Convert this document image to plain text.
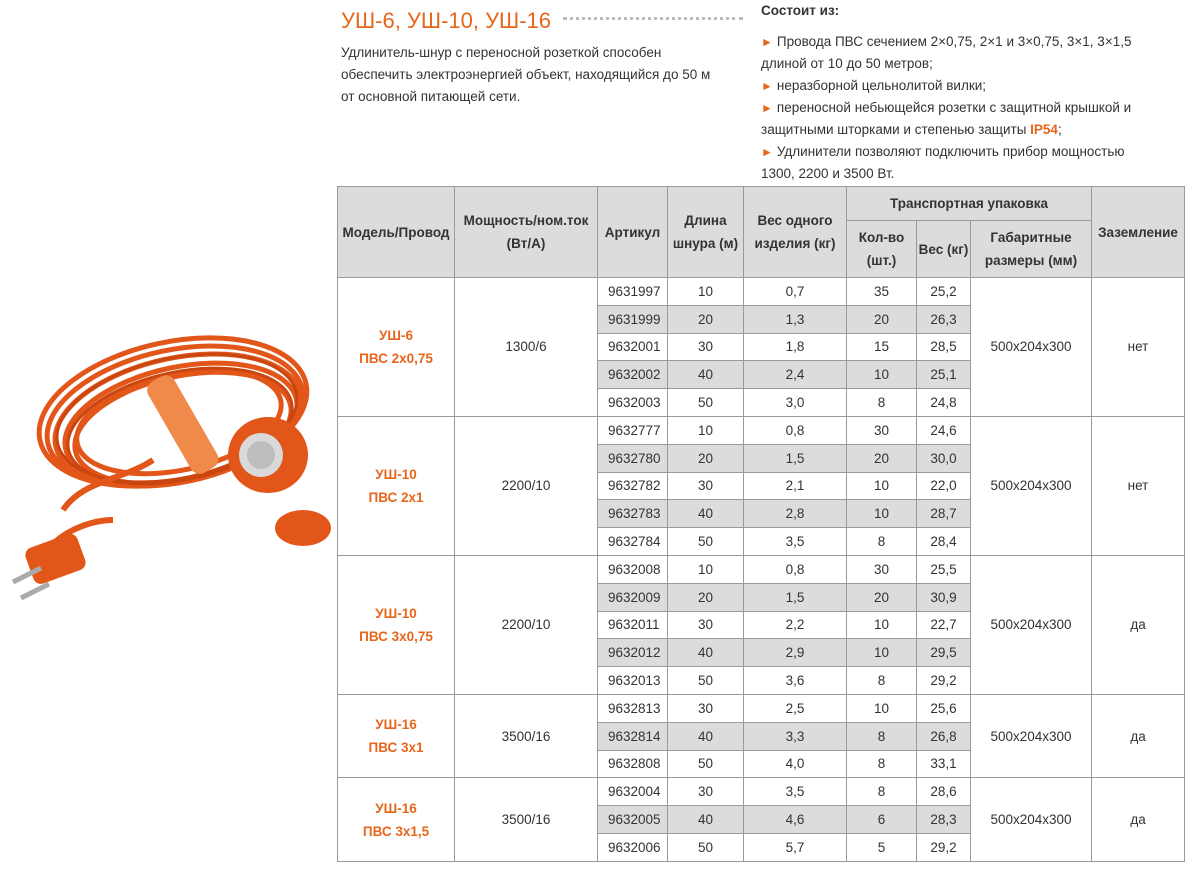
УШ-6, УШ-10, УШ-16
Удлинитель-шнур с переносной розеткой способен обеспечить электроэнергией объект, находящийся до 50 м от основной питающей сети.
Состоит из:
► Провода ПВС сечением 2×0,75, 2×1 и 3×0,75, 3×1, 3×1,5 длиной от 10 до 50 метров;
► неразборной цельнолитой вилки;
► переносной небьющейся розетки с защитной крышкой и защитными шторками и степенью защиты IP54;
► Удлинители позволяют подключить прибор мощностью 1300, 2200 и 3500 Вт.
Модель/Провод	Мощность/ном.ток (Вт/А)	Артикул	Длина шнура (м)	Вес одного изделия (кг)	Транспортная упаковка			Заземление
					Кол-во (шт.)	Вес (кг)	Габаритные размеры (мм)	

УШ-6
ПВС 2х0,75	1300/6	9631997	10	0,7	35	25,2	500х204х300	нет
		9631999	20	1,3	20	26,3		
		9632001	30	1,8	15	28,5		
		9632002	40	2,4	10	25,1		
		9632003	50	3,0	8	24,8		

УШ-10
ПВС 2х1	2200/10	9632777	10	0,8	30	24,6	500х204х300	нет
		9632780	20	1,5	20	30,0		
		9632782	30	2,1	10	22,0		
		9632783	40	2,8	10	28,7		
		9632784	50	3,5	8	28,4		

УШ-10
ПВС 3х0,75	2200/10	9632008	10	0,8	30	25,5	500х204х300	да
		9632009	20	1,5	20	30,9		
		9632011	30	2,2	10	22,7		
		9632012	40	2,9	10	29,5		
		9632013	50	3,6	8	29,2		

УШ-16
ПВС 3х1	3500/16	9632813	30	2,5	10	25,6	500х204х300	да
		9632814	40	3,3	8	26,8		
		9632808	50	4,0	8	33,1		

УШ-16
ПВС 3х1,5	3500/16	9632004	30	3,5	8	28,6	500х204х300	да
		9632005	40	4,6	6	28,3		
		9632006	50	5,7	5	29,2		
